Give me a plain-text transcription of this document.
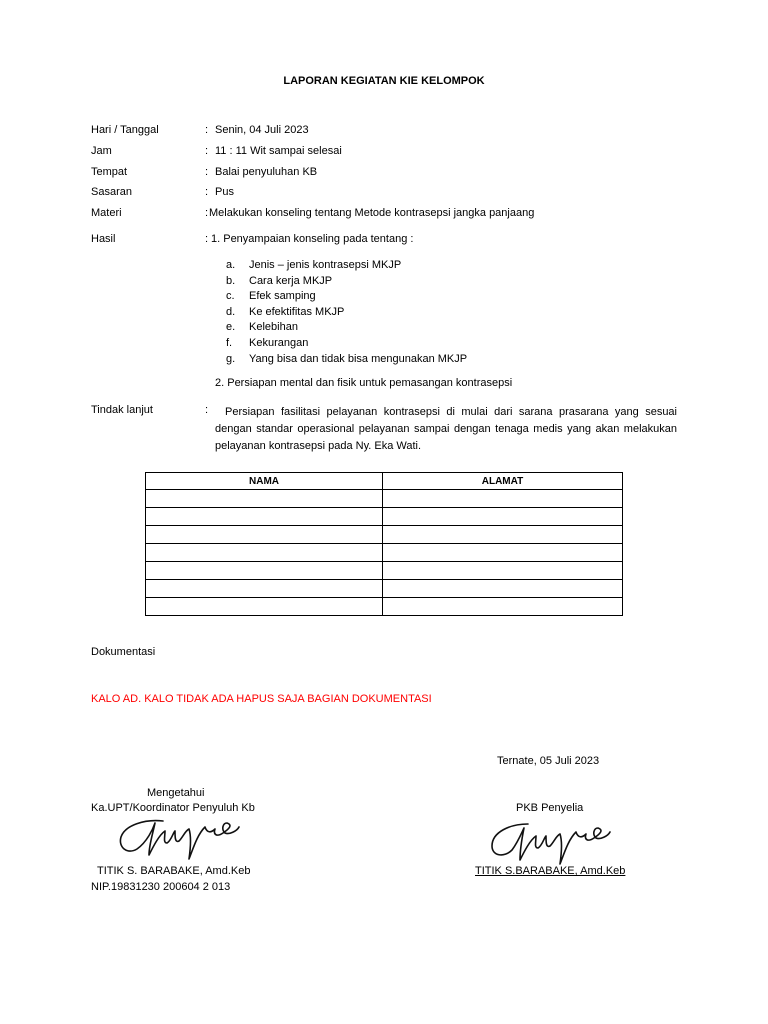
LAPORAN KEGIATAN KIE KELOMPOK
Hari / Tanggal	: Senin, 04 Juli 2023
Jam	: 11 : 11 Wit sampai selesai
Tempat	: Balai penyuluhan KB
Sasaran	: Pus
Materi	: Melakukan konseling tentang Metode kontrasepsi jangka panjaang
Hasil	: 1. Penyampaian konseling pada tentang :
a.	Jenis – jenis kontrasepsi MKJP
b.	Cara kerja MKJP
c.	Efek samping
d.	Ke efektifitas MKJP
e.	Kelebihan
f.	Kekurangan
g.	Yang bisa dan tidak bisa mengunakan MKJP
2. Persiapan mental dan fisik untuk pemasangan kontrasepsi
Tindak lanjut	:	Persiapan fasilitasi pelayanan kontrasepsi di mulai dari sarana prasarana yang sesuai dengan standar operasional pelayanan sampai dengan tenaga medis yang akan melakukan pelayanan kontrasepsi pada Ny. Eka Wati.
NAMA	ALAMAT

Dokumentasi
KALO AD. KALO TIDAK ADA HAPUS SAJA BAGIAN DOKUMENTASI
Ternate, 05 Juli 2023
Mengetahui
Ka.UPT/Koordinator Penyuluh Kb	PKB Penyelia
TITIK S. BARABAKE, Amd.Keb
NIP.19831230 200604 2 013
TITIK S.BARABAKE, Amd.Keb
